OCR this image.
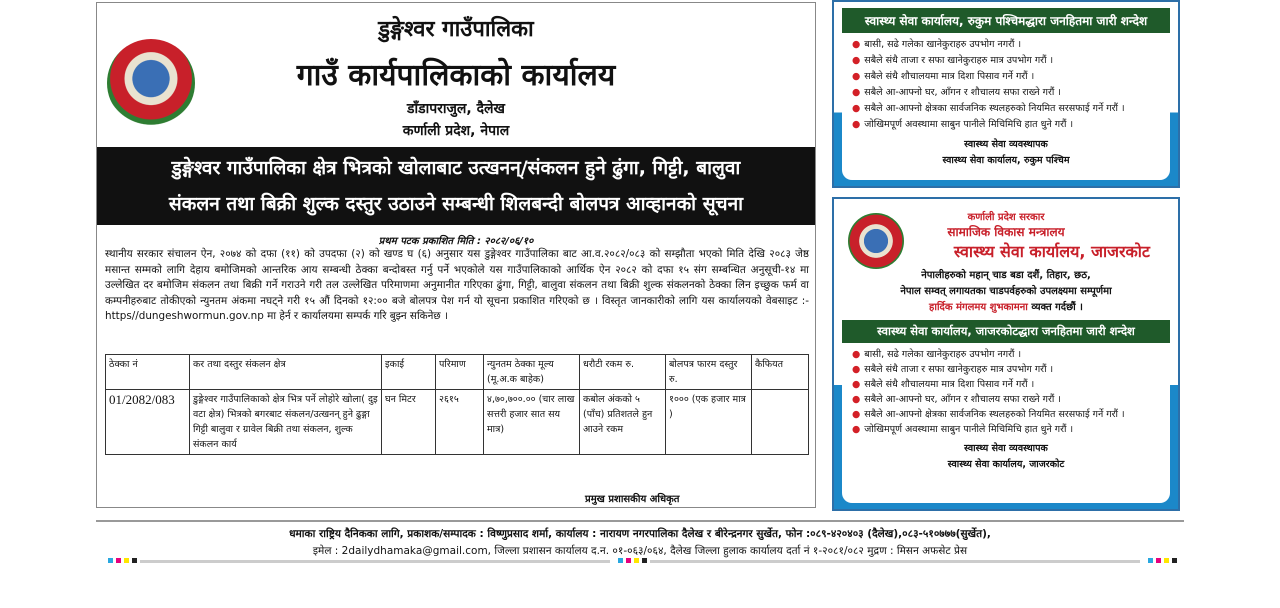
डुङ्गेश्वर गाउँपालिका
गाउँ कार्यपालिकाको कार्यालय
डाँडापराजुल, दैलेख
कर्णाली प्रदेश, नेपाल
डुङ्गेश्वर गाउँपालिका क्षेत्र भित्रको खोलाबाट उत्खनन्/संकलन हुने ढुंगा, गिट्टी, बालुवा
संकलन तथा बिक्री शुल्क दस्तुर उठाउने सम्बन्धी शिलबन्दी बोलपत्र आव्हानको सूचना
प्रथम पटक प्रकाशित मिति : २०८२/०६/१०
स्थानीय सरकार संचालन ऐन, २०७४ को दफा (११) को उपदफा (२) को खण्ड घ (६) अनुसार यस डुङ्गेश्वर गाउँपालिका बाट आ.व.२०८२/०८३ को सम्झौता भएको मिति देखि २०८३ जेष्ठ मसान्त सम्मको लागि देहाय बमोजिमको आन्तरिक आय सम्बन्धी ठेक्का बन्दोबस्त गर्नु पर्ने भएकोले यस गाउँपालिकाको आर्थिक ऐन २०८२ को दफा १५ संग सम्बन्धित अनुसूची-१४ मा उल्लेखित दर बमोजिम संकलन तथा बिक्री गर्ने गराउने गरी तल उल्लेखित परिमाणमा अनुमानीत गरिएका ढुंगा, गिट्टी, बालुवा संकलन तथा बिक्री शुल्क संकलनको ठेक्का लिन इच्छुक फर्म वा कम्पनीहरुबाट तोकीएको न्युनतम अंकमा नघट्ने गरी १५ औं दिनको १२:०० बजे बोलपत्र पेश गर्न यो सूचना प्रकाशित गरिएको छ । विस्तृत जानकारीको लागि यस कार्यालयको वेबसाइट :- https//dungeshwormun.gov.np मा हेर्न र कार्यालयमा सम्पर्क गरि बुझ्न सकिनेछ ।
ठेक्का नं	कर तथा दस्तुर संकलन क्षेत्र	इकाई	परिमाण	न्युनतम ठेक्का मूल्य (मू.अ.क बाहेक)	धरौटी रकम रु.	बोलपत्र फारम दस्तुर रु.	कैफियत
01/2082/083	डुङ्गेश्वर गाउँपालिकाको क्षेत्र भित्र पर्ने लोहोरे खोला( दुइ वटा क्षेत्र) भित्रको बगरबाट संकलन/उत्खनन् हुने ढुङ्गा गिट्टी बालुवा र ग्रावेल बिक्री तथा संकलन, शुल्क संकलन कार्य	घन मिटर	२६१५	४,७०,७००.०० (चार लाख सत्तरी हजार सात सय मात्र)	कबोल अंकको ५ (पाँच) प्रतिशतले हुन आउने रकम	१००० (एक हजार मात्र )	
प्रमुख प्रशासकीय अधिकृत
स्वास्थ्य सेवा कार्यालय, रुकुम पश्चिमद्धारा जनहितमा जारी शन्देश
● बासी, सढे गलेका खानेकुराहरु उपभोग नगरौं ।
● सबैले संधै ताजा र सफा खानेकुराहरु मात्र उपभोग गरौं ।
● सबैले संधै शौचालयमा मात्र दिशा पिसाव गर्ने गरौं ।
● सबैले आ-आफ्नो घर, आँगन र शौचालय सफा राख्ने गरौं ।
● सबैले आ-आफ्नो क्षेत्रका सार्वजनिक स्थलहरुको नियमित सरसफाई गर्ने गरौं ।
● जोखिमपूर्ण अवस्थामा साबुन पानीले मिचिमिचि हात धुने गरौं ।
स्वास्थ्य सेवा व्यवस्थापक
स्वास्थ्य सेवा कार्यालय, रुकुम पश्चिम
कर्णाली प्रदेश सरकार
सामाजिक विकास मन्त्रालय
स्वास्थ्य सेवा कार्यालय, जाजरकोट
नेपालीहरुको महान् चाड बडा दशैं, तिहार, छठ,
नेपाल सम्वत् लगायतका चाडपर्वहरुको उपलक्ष्यमा सम्पूर्णमा
हार्दिक मंगलमय शुभकामना व्यक्त गर्दछौं ।
स्वास्थ्य सेवा कार्यालय, जाजरकोटद्धारा जनहितमा जारी शन्देश
● बासी, सढे गलेका खानेकुराहरु उपभोग नगरौं ।
● सबैले संधै ताजा र सफा खानेकुराहरु मात्र उपभोग गरौं ।
● सबैले संधै शौचालयमा मात्र दिशा पिसाव गर्ने गरौं ।
● सबैले आ-आफ्नो घर, आँगन र शौचालय सफा राख्ने गरौं ।
● सबैले आ-आफ्नो क्षेत्रका सार्वजनिक स्थलहरुको नियमित सरसफाई गर्ने गरौं ।
● जोखिमपूर्ण अवस्थामा साबुन पानीले मिचिमिचि हात धुने गरौं ।
स्वास्थ्य सेवा व्यवस्थापक
स्वास्थ्य सेवा कार्यालय, जाजरकोट
धमाका राष्ट्रिय दैनिकका लागि, प्रकाशक/सम्पादक : विष्णुप्रसाद शर्मा, कार्यालय : नारायण नगरपालिका दैलेख र बीरेन्द्रनगर सुर्खेत, फोन :०८९-४२०४०३ (दैलेख),०८३-५१०७७७(सुर्खेत),
इमेल : 2dailydhamaka@gmail.com, जिल्ला प्रशासन कार्यालय द.न. ०१-०६३/०६४, दैलेख जिल्ला हुलाक कार्यालय दर्ता नं १-२०८१/०८२ मुद्रण : मिसन अफसेट प्रेस
